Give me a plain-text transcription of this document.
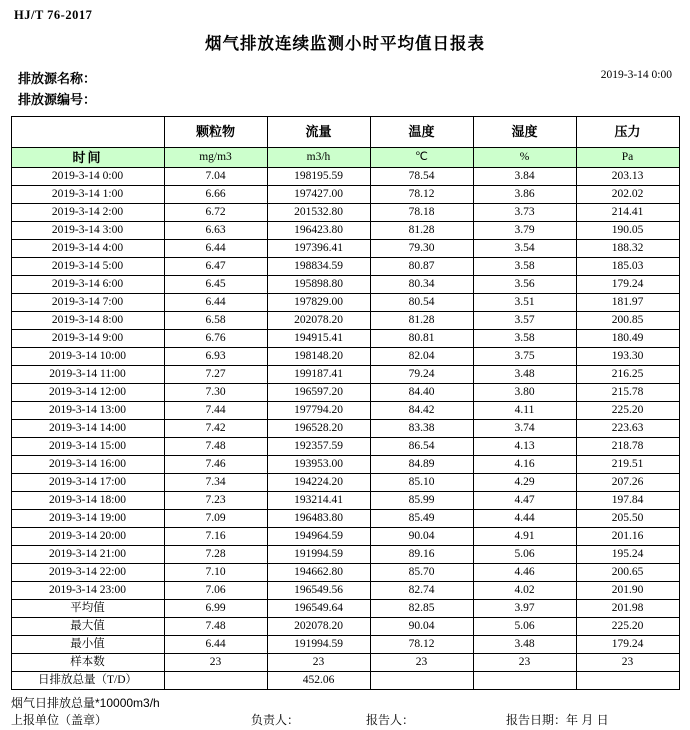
HJ/T 76-2017
烟气排放连续监测小时平均值日报表
排放源名称：
排放源编号：
2019-3-14 0:00
	颗粒物	流量	温度	湿度	压力
时间	mg/m3	m3/h	℃	%	Pa
2019-3-14 0:00	7.04	198195.59	78.54	3.84	203.13
2019-3-14 1:00	6.66	197427.00	78.12	3.86	202.02
2019-3-14 2:00	6.72	201532.80	78.18	3.73	214.41
2019-3-14 3:00	6.63	196423.80	81.28	3.79	190.05
2019-3-14 4:00	6.44	197396.41	79.30	3.54	188.32
2019-3-14 5:00	6.47	198834.59	80.87	3.58	185.03
2019-3-14 6:00	6.45	195898.80	80.34	3.56	179.24
2019-3-14 7:00	6.44	197829.00	80.54	3.51	181.97
2019-3-14 8:00	6.58	202078.20	81.28	3.57	200.85
2019-3-14 9:00	6.76	194915.41	80.81	3.58	180.49
2019-3-14 10:00	6.93	198148.20	82.04	3.75	193.30
2019-3-14 11:00	7.27	199187.41	79.24	3.48	216.25
2019-3-14 12:00	7.30	196597.20	84.40	3.80	215.78
2019-3-14 13:00	7.44	197794.20	84.42	4.11	225.20
2019-3-14 14:00	7.42	196528.20	83.38	3.74	223.63
2019-3-14 15:00	7.48	192357.59	86.54	4.13	218.78
2019-3-14 16:00	7.46	193953.00	84.89	4.16	219.51
2019-3-14 17:00	7.34	194224.20	85.10	4.29	207.26
2019-3-14 18:00	7.23	193214.41	85.99	4.47	197.84
2019-3-14 19:00	7.09	196483.80	85.49	4.44	205.50
2019-3-14 20:00	7.16	194964.59	90.04	4.91	201.16
2019-3-14 21:00	7.28	191994.59	89.16	5.06	195.24
2019-3-14 22:00	7.10	194662.80	85.70	4.46	200.65
2019-3-14 23:00	7.06	196549.56	82.74	4.02	201.90
平均值	6.99	196549.64	82.85	3.97	201.98
最大值	7.48	202078.20	90.04	5.06	225.20
最小值	6.44	191994.59	78.12	3.48	179.24
样本数	23	23	23	23	23
日排放总量（T/D）		452.06			
烟气日排放总量*10000m3/h
上报单位（盖章）	负责人：	报告人：	报告日期：年 月 日
